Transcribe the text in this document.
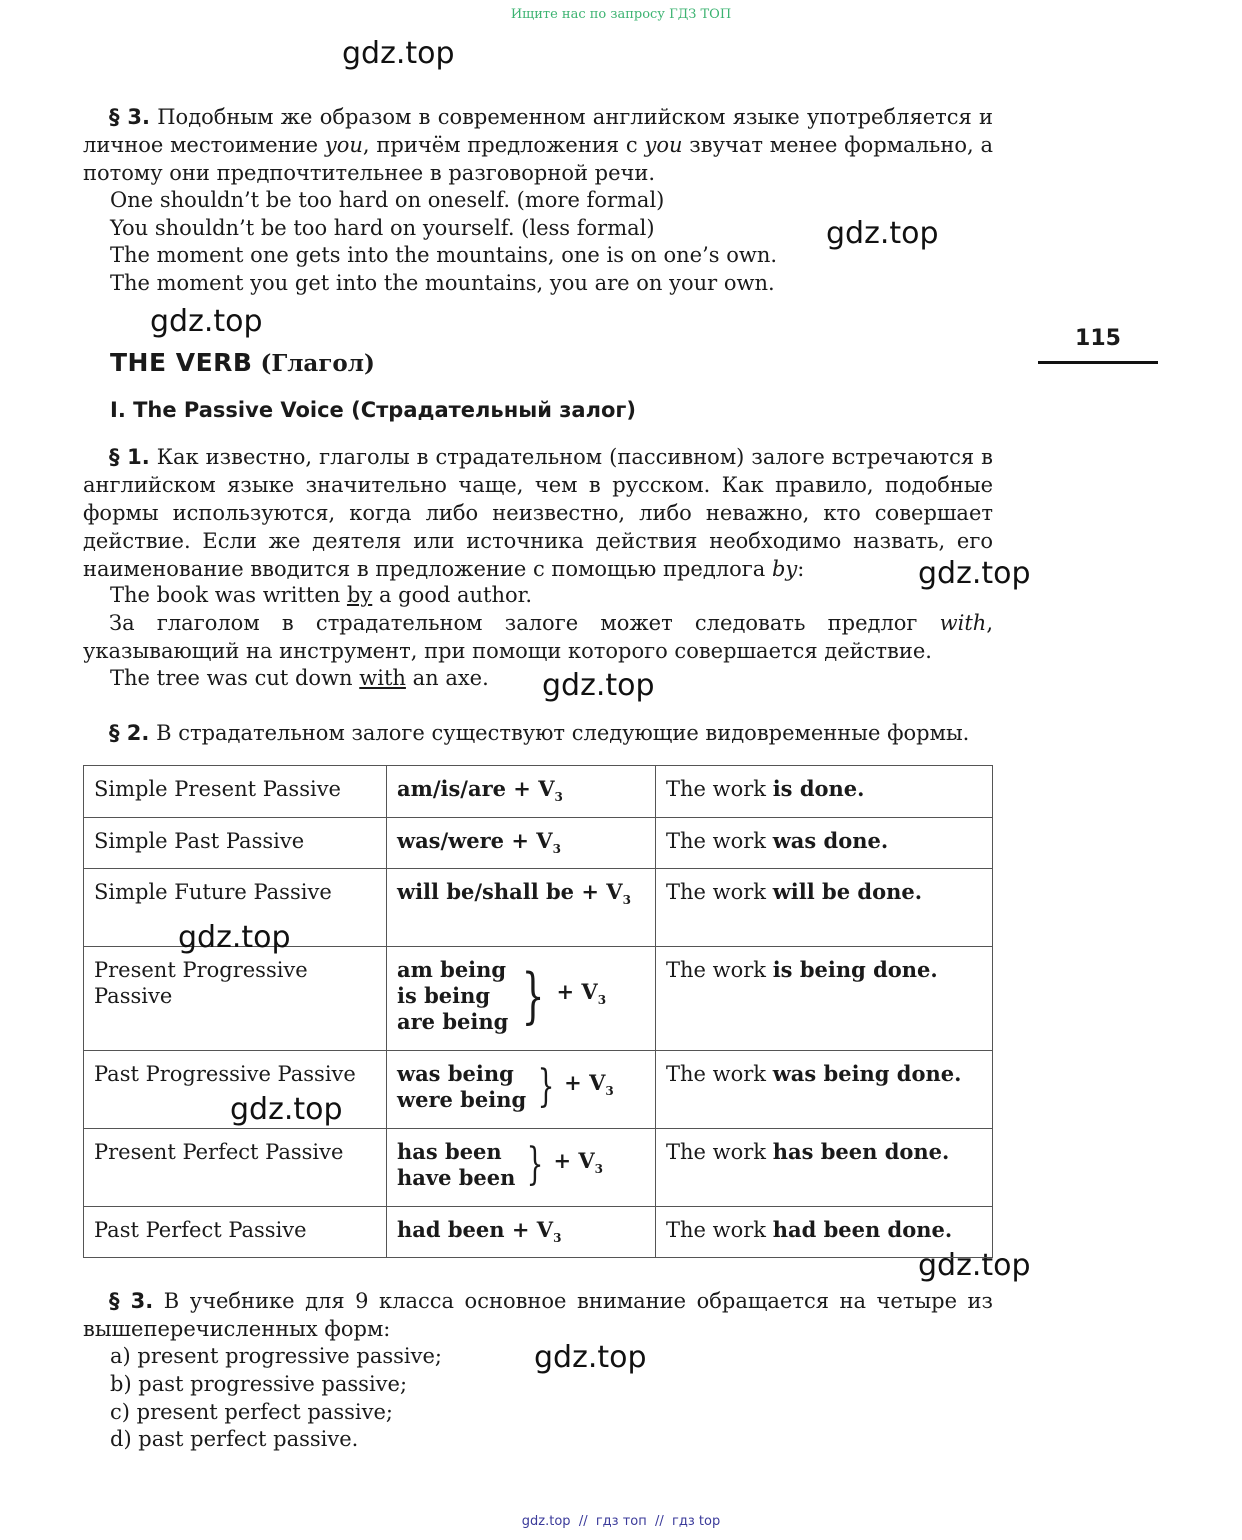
Ищите нас по запросу ГДЗ ТОП
gdz.top
gdz.top
gdz.top
gdz.top
gdz.top
gdz.top
gdz.top
gdz.top
gdz.top
§ 3. Подобным же образом в современном английском языке употребляется и личное местоимение you, причём предложения с you звучат менее формально, а потому они предпочтительнее в разговорной речи.
One shouldn’t be too hard on oneself. (more formal)
You shouldn’t be too hard on yourself. (less formal)
The moment one gets into the mountains, one is on one’s own.
The moment you get into the mountains, you are on your own.
115
THE VERB (Глагол)
I. The Passive Voice (Страдательный залог)
§ 1. Как известно, глаголы в страдательном (пассивном) залоге встречаются в английском языке значительно чаще, чем в русском. Как правило, подобные формы используются, когда либо неизвестно, либо неважно, кто совершает действие. Если же деятеля или источника действия необходимо назвать, его наименование вводится в предложение с помощью предлога by:
The book was written by a good author.
За глаголом в страдательном залоге может следовать предлог with, указывающий на инструмент, при помощи которого совершается действие.
The tree was cut down with an axe.
§ 2. В страдательном залоге существуют следующие видовременные формы.
Simple Present Passive	$am/is/are + V_3$	The work is done.
Simple Past Passive	was/were + $V_3$	The work was done.
Simple Future Passive	will be/shall be + $V_3$	The work will be done.
Present Progressive Passive	am being
is being
are being } + $V_3$	The work is being done.
Past Progressive Passive	was being
were being } + $V_3$	The work was being done.
Present Perfect Passive	has been
have been } + $V_3$	The work has been done.
Past Perfect Passive	had been + $V_3$	The work had been done.
§ 3. В учебнике для 9 класса основное внимание обращается на четыре из вышеперечисленных форм:
a) present progressive passive;
b) past progressive passive;
c) present perfect passive;
d) past perfect passive.
gdz.top  //  гдз топ  //  гдз top
